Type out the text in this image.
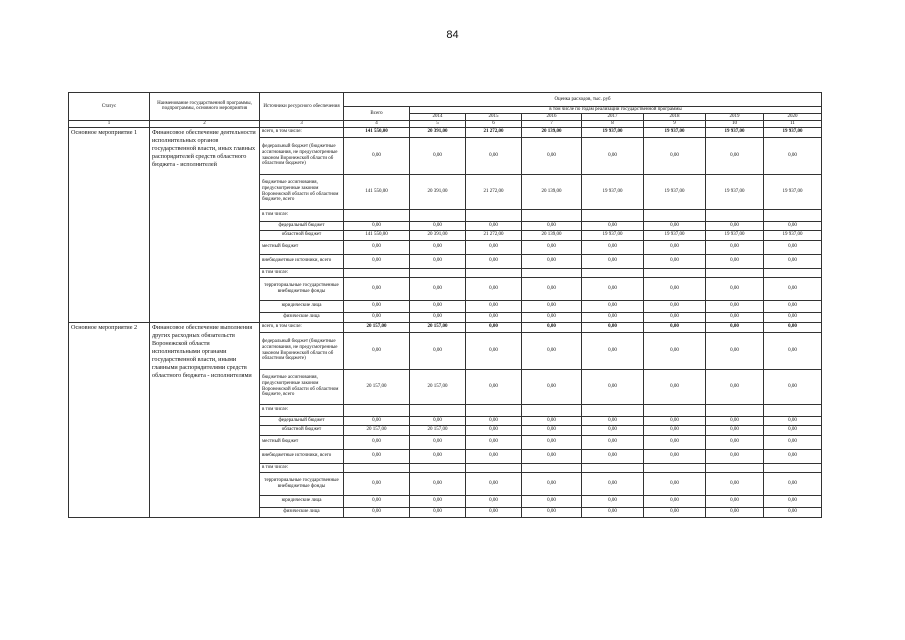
84
Статус	Наименование государственной программы, подпрограммы, основного мероприятия	Источники ресурсного обеспечения	Оценка расходов, тыс. руб							
			Всего	в том числе по годам реализации государственной программы						
				2014	2015	2016	2017	2018	2019	2020
1	2	3	4	5	6	7	8	9	10	11
Основное мероприятие 1	Финансовое обеспечение деятельности исполнительных органов государственной власти, иных главных распорядителей средств областного бюджета - исполнителей	всего, в том числе:	141 550,00	20 391,00	21 272,00	20 139,00	19 937,00	19 937,00	19 937,00	19 937,00
		федеральный бюджет (бюджетные ассигнования, не предусмотренные законом Воронежской области об областном бюджете)	0,00	0,00	0,00	0,00	0,00	0,00	0,00	0,00
		бюджетные ассигнования, предусмотренные законом Воронежской области об областном бюджете, всего	141 550,00	20 391,00	21 272,00	20 139,00	19 937,00	19 937,00	19 937,00	19 937,00
		в том числе:								
		федеральный бюджет	0,00	0,00	0,00	0,00	0,00	0,00	0,00	0,00
		областной бюджет	141 550,00	20 391,00	21 272,00	20 139,00	19 937,00	19 937,00	19 937,00	19 937,00
		местный бюджет	0,00	0,00	0,00	0,00	0,00	0,00	0,00	0,00
		внебюджетные источники, всего	0,00	0,00	0,00	0,00	0,00	0,00	0,00	0,00
		в том числе:								
		территориальные государственные внебюджетные фонды	0,00	0,00	0,00	0,00	0,00	0,00	0,00	0,00
		юридические лица	0,00	0,00	0,00	0,00	0,00	0,00	0,00	0,00
		физические лица	0,00	0,00	0,00	0,00	0,00	0,00	0,00	0,00
Основное мероприятие 2	Финансовое обеспечение выполнения других расходных обязательств Воронежской области исполнительными органами государственной власти, иными главными распорядителями средств областного бюджета - исполнителями	всего, в том числе:	20 157,00	20 157,00	0,00	0,00	0,00	0,00	0,00	0,00
		федеральный бюджет (бюджетные ассигнования, не предусмотренные законом Воронежской области об областном бюджете)	0,00	0,00	0,00	0,00	0,00	0,00	0,00	0,00
		бюджетные ассигнования, предусмотренные законом Воронежской области об областном бюджете, всего	20 157,00	20 157,00	0,00	0,00	0,00	0,00	0,00	0,00
		в том числе:								
		федеральный бюджет	0,00	0,00	0,00	0,00	0,00	0,00	0,00	0,00
		областной бюджет	20 157,00	20 157,00	0,00	0,00	0,00	0,00	0,00	0,00
		местный бюджет	0,00	0,00	0,00	0,00	0,00	0,00	0,00	0,00
		внебюджетные источники, всего	0,00	0,00	0,00	0,00	0,00	0,00	0,00	0,00
		в том числе:								
		территориальные государственные внебюджетные фонды	0,00	0,00	0,00	0,00	0,00	0,00	0,00	0,00
		юридические лица	0,00	0,00	0,00	0,00	0,00	0,00	0,00	0,00
		физические лица	0,00	0,00	0,00	0,00	0,00	0,00	0,00	0,00
